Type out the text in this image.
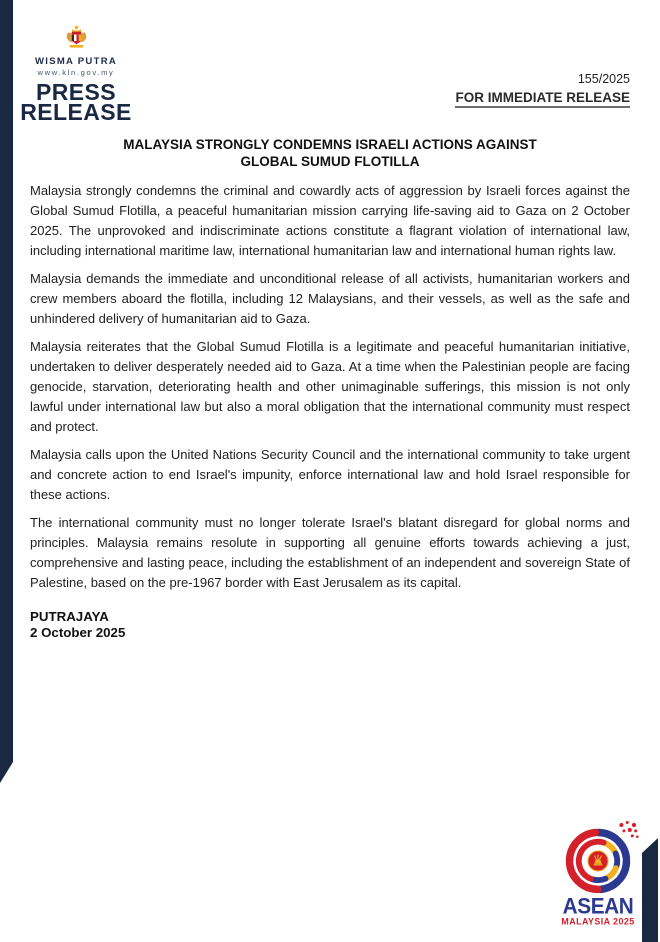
WISMA PUTRA
www.kln.gov.my
PRESS
RELEASE
155/2025
FOR IMMEDIATE RELEASE
MALAYSIA STRONGLY CONDEMNS ISRAELI ACTIONS AGAINST
GLOBAL SUMUD FLOTILLA

Malaysia strongly condemns the criminal and cowardly acts of aggression by Israeli forces against the Global Sumud Flotilla, a peaceful humanitarian mission carrying life-saving aid to Gaza on 2 October 2025. The unprovoked and indiscriminate actions constitute a flagrant violation of international law, including international maritime law, international humanitarian law and international human rights law.

Malaysia demands the immediate and unconditional release of all activists, humanitarian workers and crew members aboard the flotilla, including 12 Malaysians, and their vessels, as well as the safe and unhindered delivery of humanitarian aid to Gaza.

Malaysia reiterates that the Global Sumud Flotilla is a legitimate and peaceful humanitarian initiative, undertaken to deliver desperately needed aid to Gaza. At a time when the Palestinian people are facing genocide, starvation, deteriorating health and other unimaginable sufferings, this mission is not only lawful under international law but also a moral obligation that the international community must respect and protect.

Malaysia calls upon the United Nations Security Council and the international community to take urgent and concrete action to end Israel's impunity, enforce international law and hold Israel responsible for these actions.

The international community must no longer tolerate Israel's blatant disregard for global norms and principles. Malaysia remains resolute in supporting all genuine efforts towards achieving a just, comprehensive and lasting peace, including the establishment of an independent and sovereign State of Palestine, based on the pre-1967 border with East Jerusalem as its capital.

PUTRAJAYA
2 October 2025
ASEAN
MALAYSIA 2025
